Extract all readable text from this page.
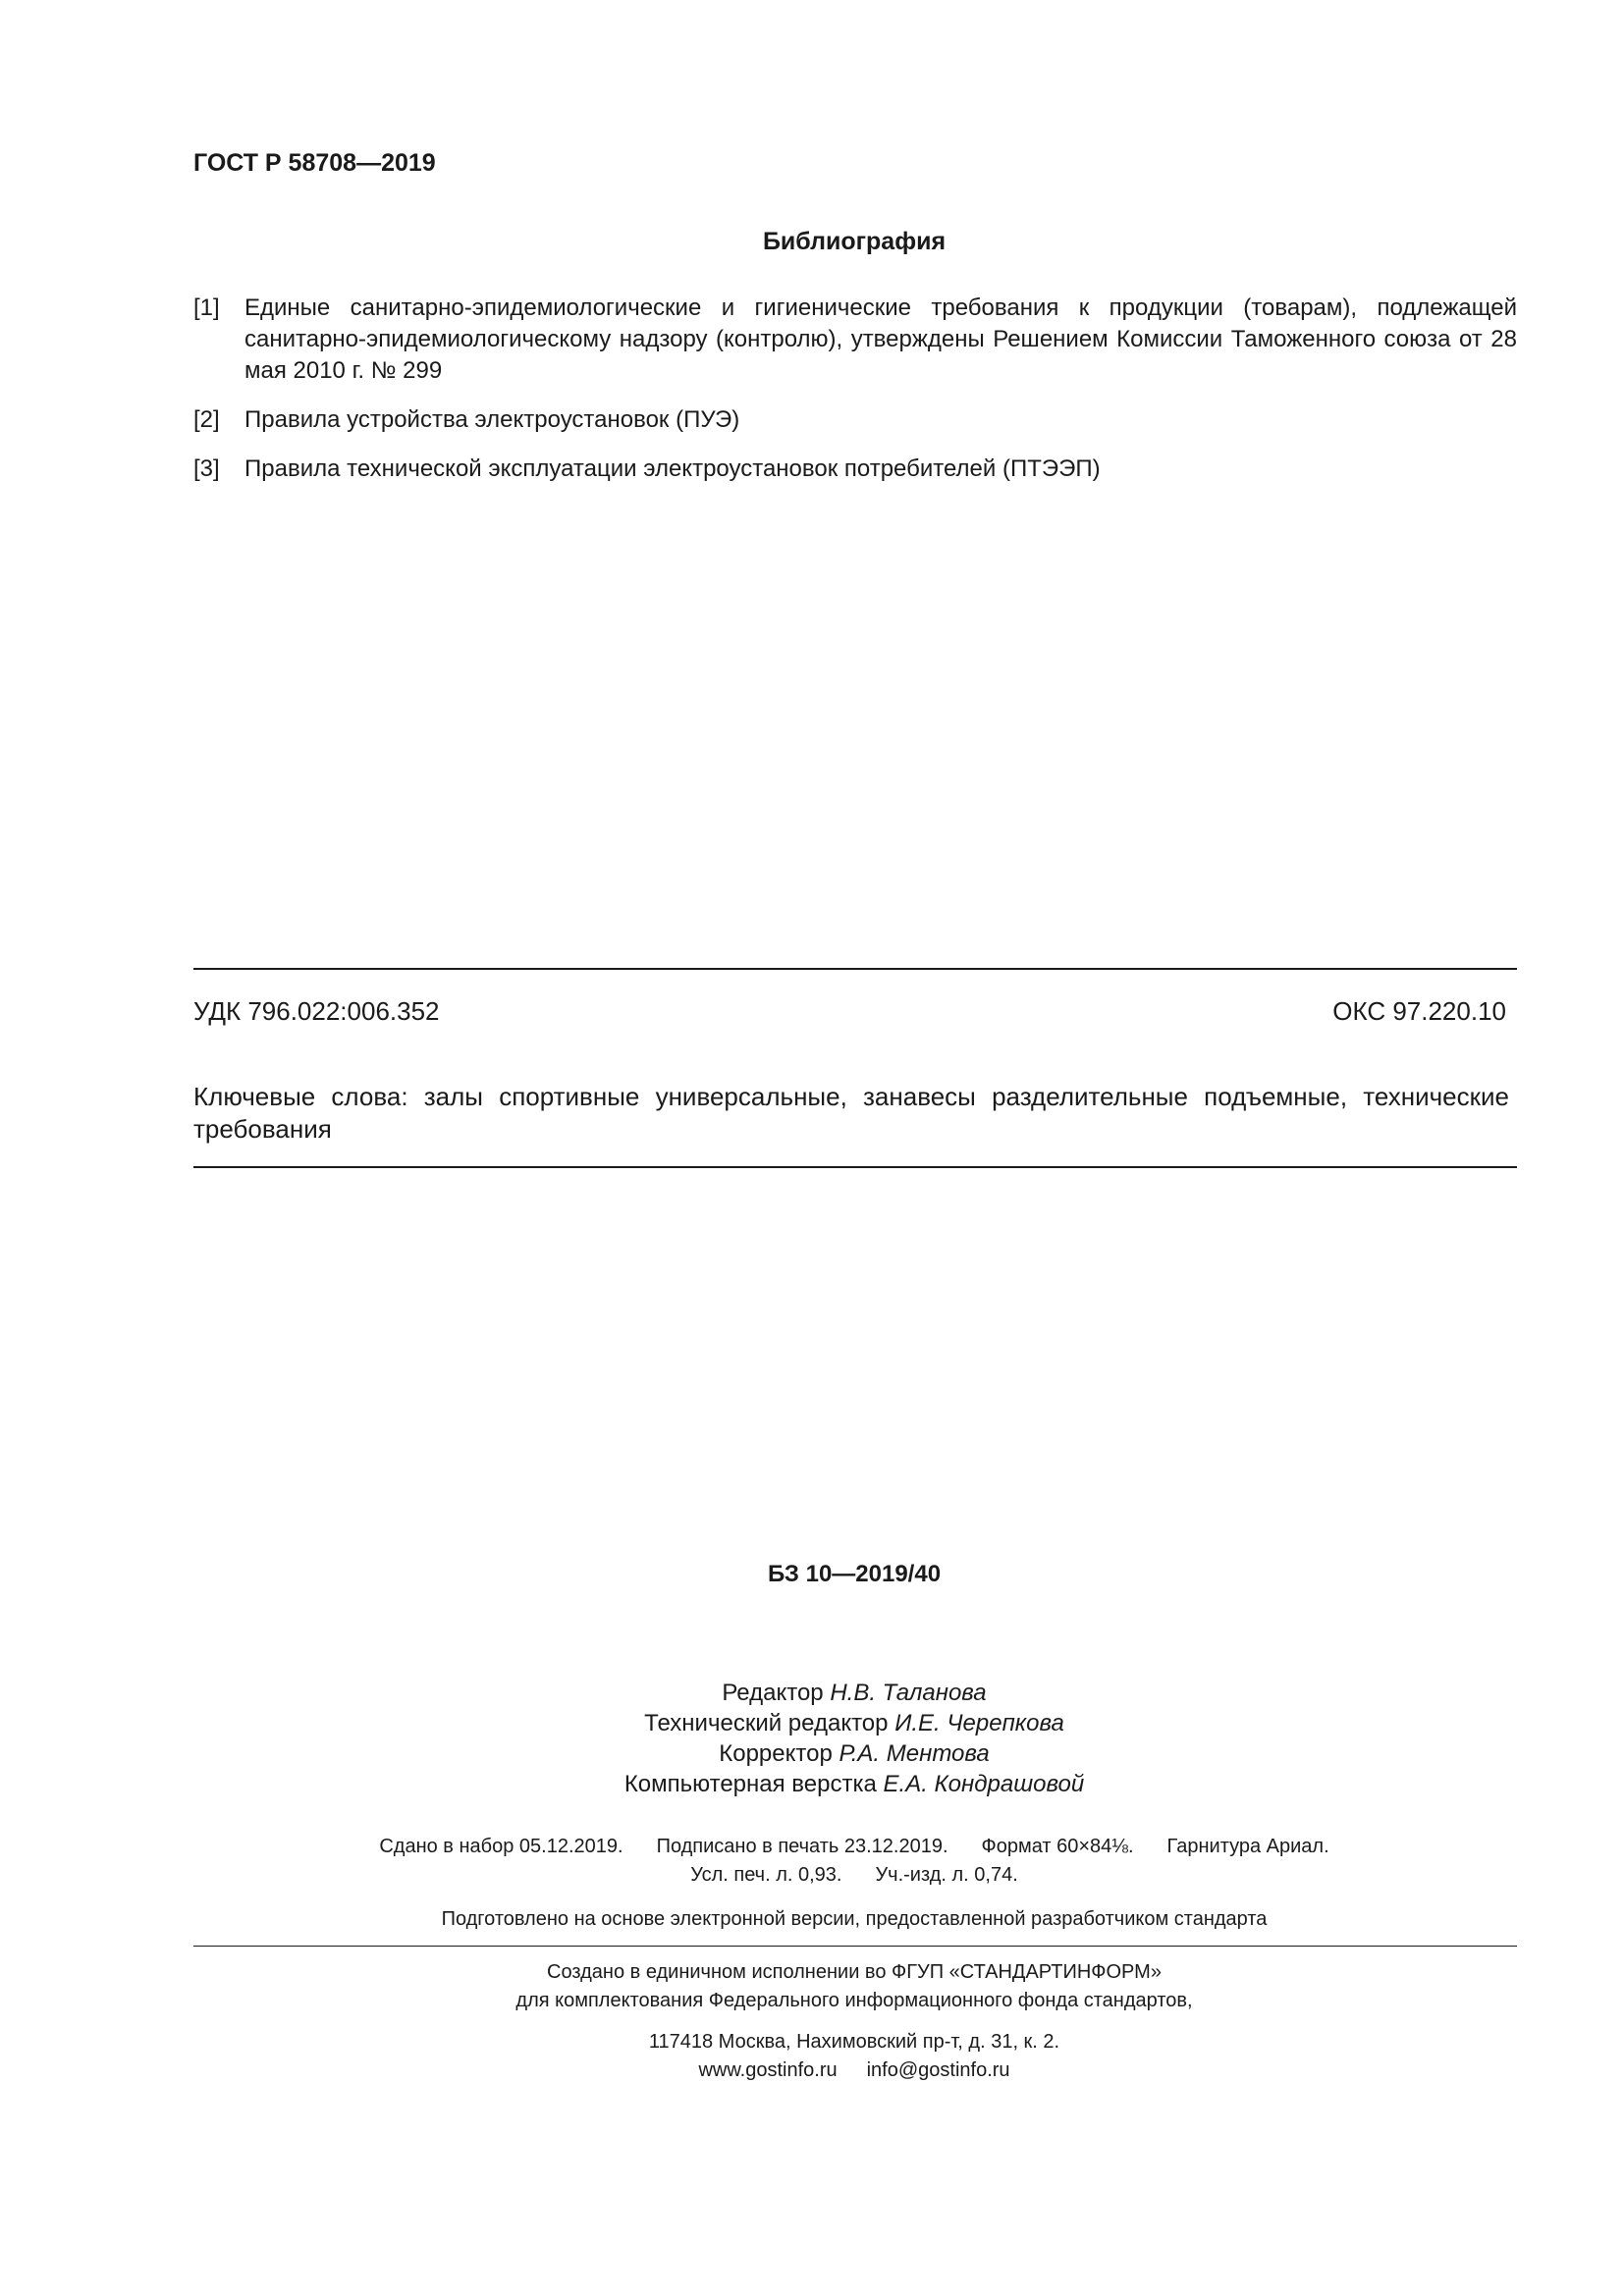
ГОСТ Р 58708—2019
Библиография
[1]	Единые санитарно-эпидемиологические и гигиенические требования к продукции (товарам), подлежащей санитарно-эпидемиологическому надзору (контролю), утверждены Решением Комиссии Таможенного союза от 28 мая 2010 г. № 299
[2]	Правила устройства электроустановок (ПУЭ)
[3]	Правила технической эксплуатации электроустановок потребителей (ПТЭЭП)
УДК 796.022:006.352	ОКС 97.220.10
Ключевые слова: залы спортивные универсальные, занавесы разделительные подъемные, технические требования
БЗ 10—2019/40
Редактор Н.В. Таланова
Технический редактор И.Е. Черепкова
Корректор Р.А. Ментова
Компьютерная верстка Е.А. Кондрашовой
Сдано в набор 05.12.2019. Подписано в печать 23.12.2019. Формат 60×84⅛. Гарнитура Ариал.
Усл. печ. л. 0,93. Уч.-изд. л. 0,74.
Подготовлено на основе электронной версии, предоставленной разработчиком стандарта
Создано в единичном исполнении во ФГУП «СТАНДАРТИНФОРМ»
для комплектования Федерального информационного фонда стандартов,
117418 Москва, Нахимовский пр-т, д. 31, к. 2.
www.gostinfo.ru info@gostinfo.ru
